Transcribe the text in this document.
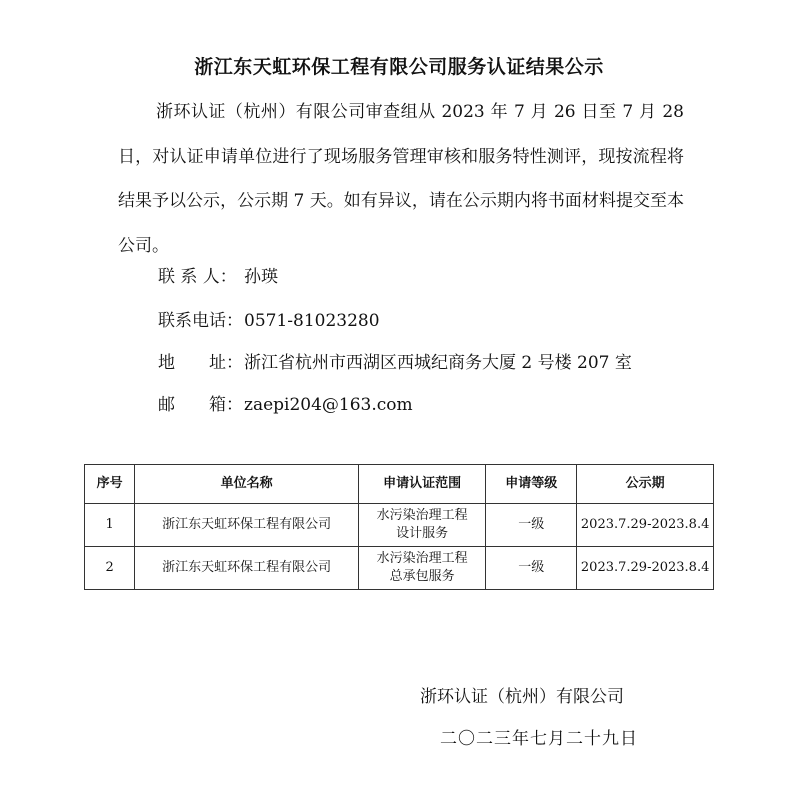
浙江东天虹环保工程有限公司服务认证结果公示
浙环认证（杭州）有限公司审查组从 2023 年 7 月 26 日至 7 月 28 日，对认证申请单位进行了现场服务管理审核和服务特性测评，现按流程将结果予以公示，公示期 7 天。如有异议，请在公示期内将书面材料提交至本公司。
联 系 人： 孙瑛
联系电话：0571-81023280
地　　址：浙江省杭州市西湖区西城纪商务大厦 2 号楼 207 室
邮　　箱：zaepi204@163.com
序号	单位名称	申请认证范围	申请等级	公示期
1	浙江东天虹环保工程有限公司	水污染治理工程
设计服务	一级	2023.7.29-2023.8.4
2	浙江东天虹环保工程有限公司	水污染治理工程
总承包服务	一级	2023.7.29-2023.8.4
浙环认证（杭州）有限公司
二〇二三年七月二十九日
